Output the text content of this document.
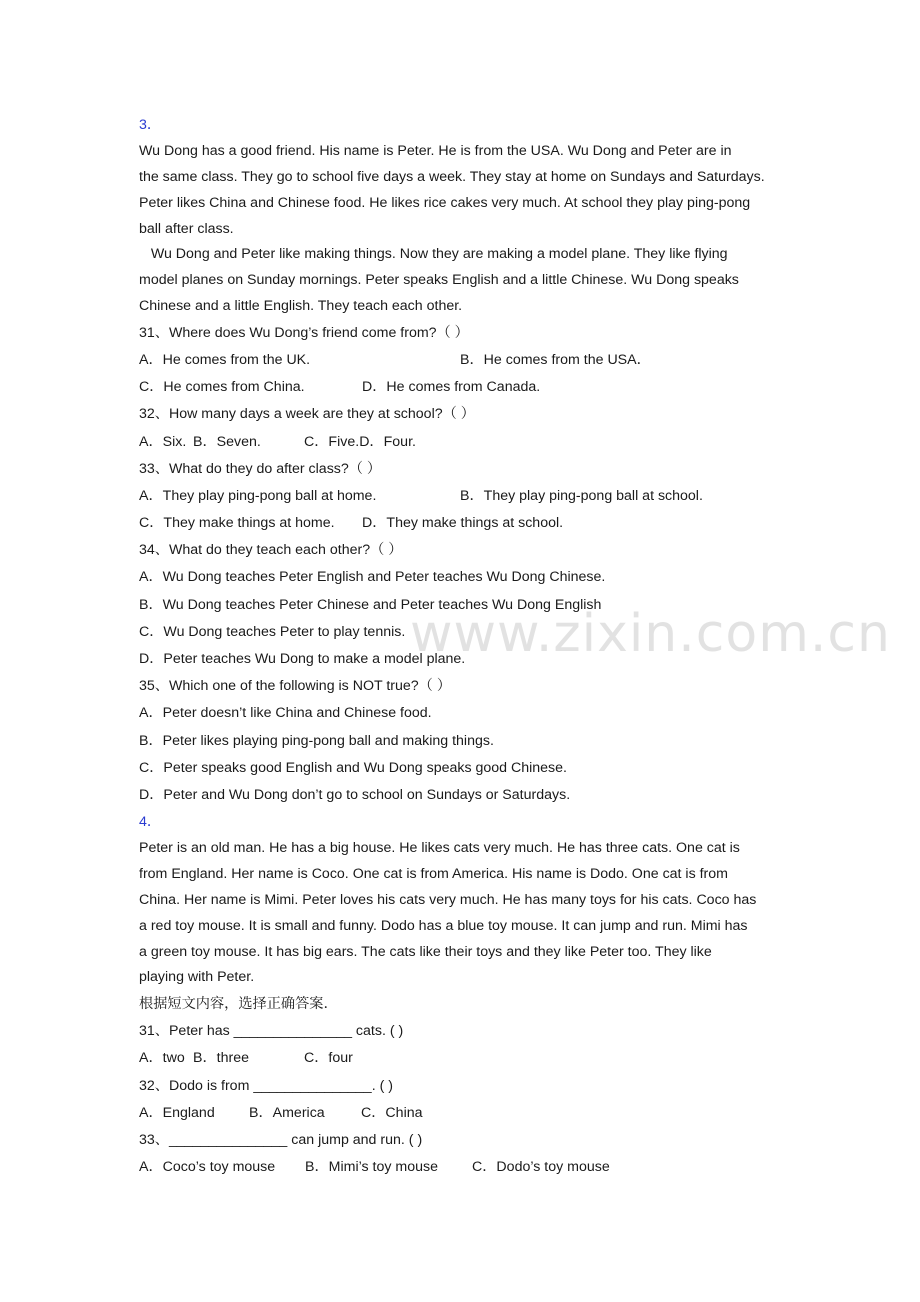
www.zixin.com.cn
3．
Wu Dong has a good friend. His name is Peter. He is from the USA. Wu Dong and Peter are in
the same class. They go to school five days a week. They stay at home on Sundays and Saturdays.
Peter likes China and Chinese food. He likes rice cakes very much. At school they play ping-pong
ball after class.
Wu Dong and Peter like making things. Now they are making a model plane. They like flying
model planes on Sunday mornings. Peter speaks English and a little Chinese. Wu Dong speaks
Chinese and a little English. They teach each other.
31、Where does Wu Dong’s friend come from?（ ）
A．He comes from the UK.	B．He comes from the USA．
C．He comes from China.	D．He comes from Canada.
32、How many days a week are they at school?（ ）
A．Six. B．Seven.	C．Five.D．Four.
33、What do they do after class?（ ）
A．They play ping-pong ball at home.	B．They play ping-pong ball at school.
C．They make things at home. D．They make things at school.
34、What do they teach each other?（ ）
A．Wu Dong teaches Peter English and Peter teaches Wu Dong Chinese.
B．Wu Dong teaches Peter Chinese and Peter teaches Wu Dong English
C．Wu Dong teaches Peter to play tennis.
D．Peter teaches Wu Dong to make a model plane.
35、Which one of the following is NOT true?（ ）
A．Peter doesn’t like China and Chinese food.
B．Peter likes playing ping-pong ball and making things.
C．Peter speaks good English and Wu Dong speaks good Chinese.
D．Peter and Wu Dong don’t go to school on Sundays or Saturdays.
4．
Peter is an old man. He has a big house. He likes cats very much. He has three cats. One cat is
from England. Her name is Coco. One cat is from America. His name is Dodo. One cat is from
China. Her name is Mimi. Peter loves his cats very much. He has many toys for his cats. Coco has
a red toy mouse. It is small and funny. Dodo has a blue toy mouse. It can jump and run. Mimi has
a green toy mouse. It has big ears. The cats like their toys and they like Peter too. They like
playing with Peter.
根据短文内容，选择正确答案.
31、Peter has _______________ cats. ( )
A．two B．three	C．four
32、Dodo is from _______________. ( )
A．England B．America	C．China
33、_______________ can jump and run. ( )
A．Coco’s toy mouse B．Mimi’s toy mouse C．Dodo’s toy mouse
